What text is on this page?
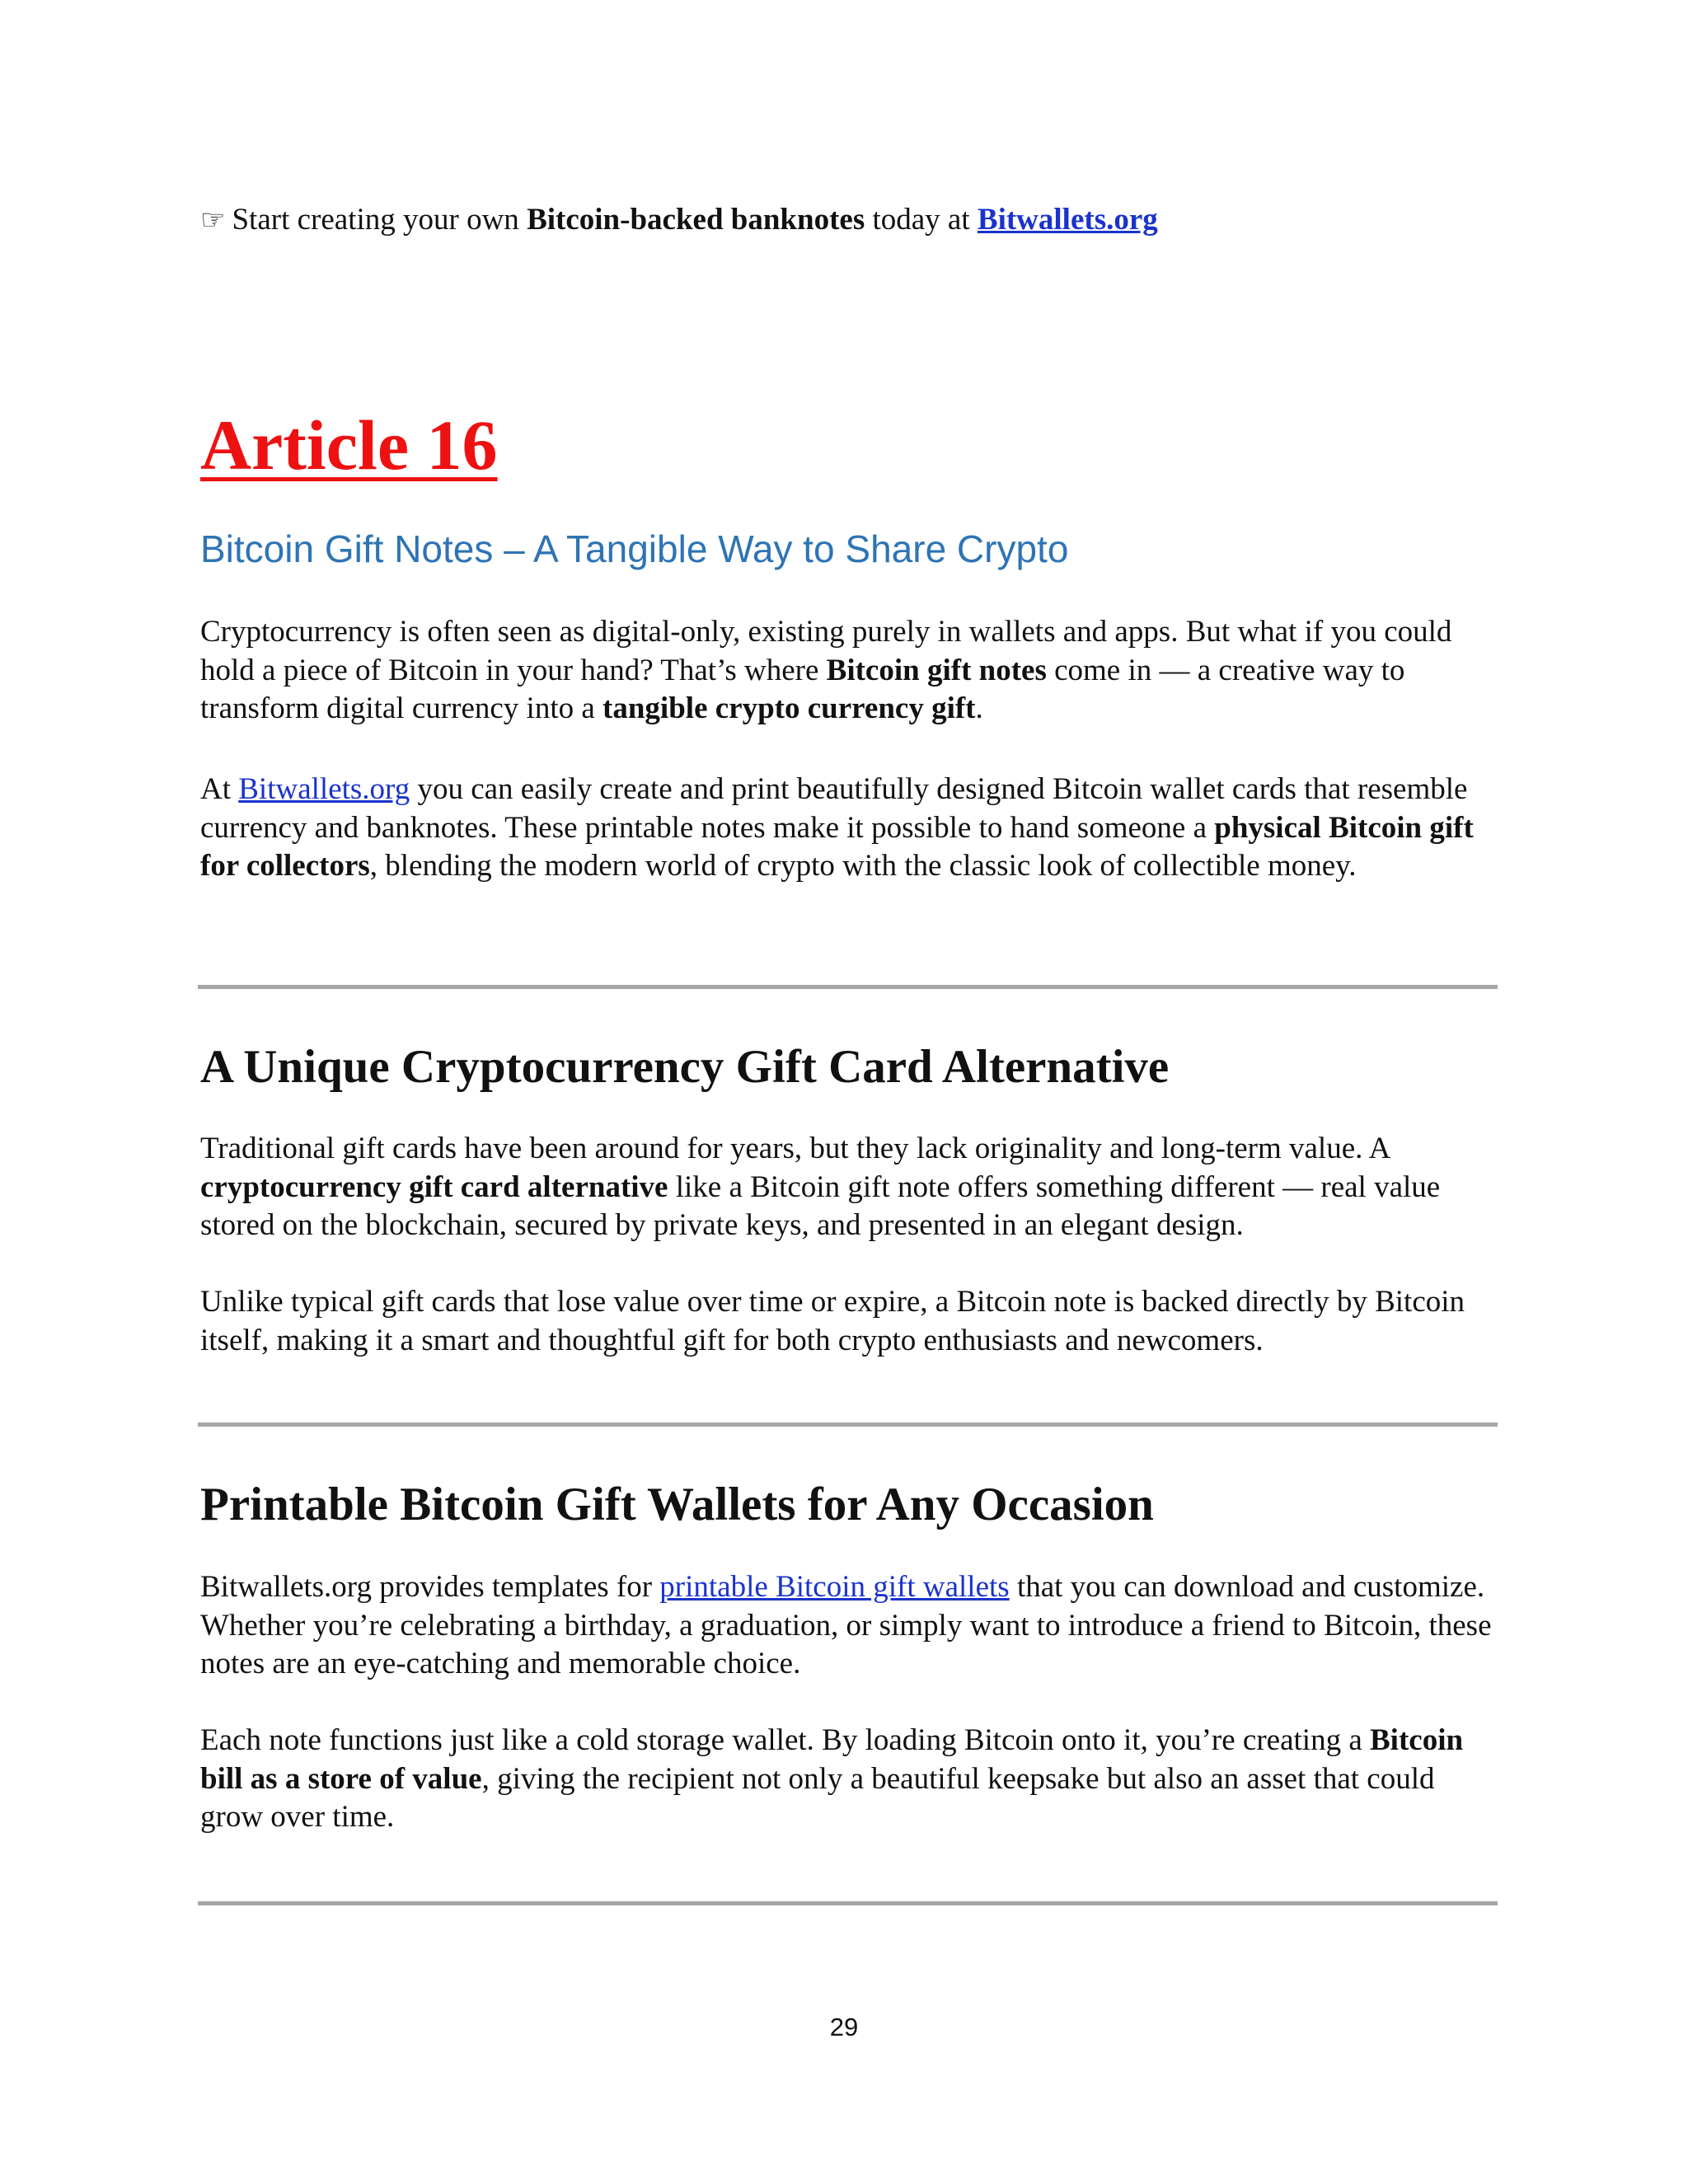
☞ Start creating your own Bitcoin-backed banknotes today at Bitwallets.org
Article 16
Bitcoin Gift Notes – A Tangible Way to Share Crypto

Cryptocurrency is often seen as digital-only, existing purely in wallets and apps. But what if you could hold a piece of Bitcoin in your hand? That’s where Bitcoin gift notes come in — a creative way to transform digital currency into a tangible crypto currency gift.

At Bitwallets.org you can easily create and print beautifully designed Bitcoin wallet cards that resemble currency and banknotes. These printable notes make it possible to hand someone a physical Bitcoin gift for collectors, blending the modern world of crypto with the classic look of collectible money.

A Unique Cryptocurrency Gift Card Alternative

Traditional gift cards have been around for years, but they lack originality and long-term value. A cryptocurrency gift card alternative like a Bitcoin gift note offers something different — real value stored on the blockchain, secured by private keys, and presented in an elegant design.

Unlike typical gift cards that lose value over time or expire, a Bitcoin note is backed directly by Bitcoin itself, making it a smart and thoughtful gift for both crypto enthusiasts and newcomers.

Printable Bitcoin Gift Wallets for Any Occasion

Bitwallets.org provides templates for printable Bitcoin gift wallets that you can download and customize. Whether you’re celebrating a birthday, a graduation, or simply want to introduce a friend to Bitcoin, these notes are an eye-catching and memorable choice.

Each note functions just like a cold storage wallet. By loading Bitcoin onto it, you’re creating a Bitcoin bill as a store of value, giving the recipient not only a beautiful keepsake but also an asset that could grow over time.

29
